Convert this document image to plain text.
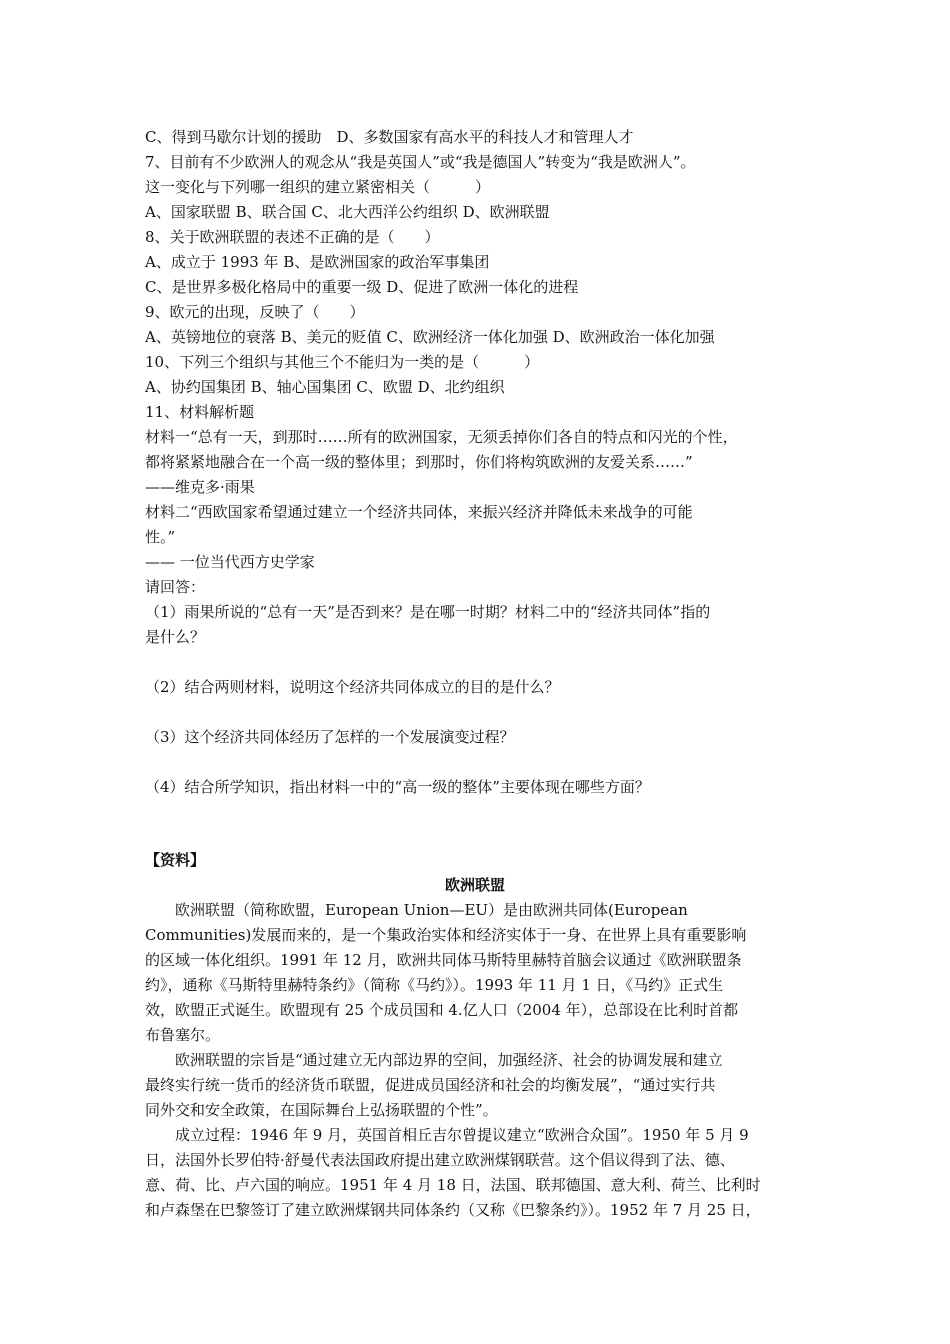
C、得到马歇尔计划的援助　D、多数国家有高水平的科技人才和管理人才
7、目前有不少欧洲人的观念从“我是英国人”或“我是德国人”转变为“我是欧洲人”。
这一变化与下列哪一组织的建立紧密相关（　　　）
A、国家联盟 B、联合国 C、北大西洋公约组织 D、欧洲联盟
8、关于欧洲联盟的表述不正确的是（　　）
A、成立于 1993 年 B、是欧洲国家的政治军事集团
C、是世界多极化格局中的重要一级 D、促进了欧洲一体化的进程
9、欧元的出现，反映了（　　）
A、英镑地位的衰落 B、美元的贬值 C、欧洲经济一体化加强 D、欧洲政治一体化加强
10、下列三个组织与其他三个不能归为一类的是（　　　）
A、协约国集团 B、轴心国集团 C、欧盟 D、北约组织
11、材料解析题
材料一“总有一天，到那时……所有的欧洲国家，无须丢掉你们各自的特点和闪光的个性，
都将紧紧地融合在一个高一级的整体里；到那时，你们将构筑欧洲的友爱关系……”
——维克多·雨果
材料二“西欧国家希望通过建立一个经济共同体，来振兴经济并降低未来战争的可能
性。”
—— 一位当代西方史学家
请回答：
（1）雨果所说的“总有一天”是否到来？是在哪一时期？材料二中的“经济共同体”指的
是什么？
（2）结合两则材料，说明这个经济共同体成立的目的是什么？
（3）这个经济共同体经历了怎样的一个发展演变过程？
（4）结合所学知识，指出材料一中的“高一级的整体”主要体现在哪些方面？
【资料】
欧洲联盟
　　欧洲联盟（简称欧盟，European Union—EU）是由欧洲共同体(European
Communities)发展而来的，是一个集政治实体和经济实体于一身、在世界上具有重要影响
的区域一体化组织。1991 年 12 月，欧洲共同体马斯特里赫特首脑会议通过《欧洲联盟条
约》，通称《马斯特里赫特条约》（简称《马约》）。1993 年 11 月 1 日，《马约》正式生
效，欧盟正式诞生。欧盟现有 25 个成员国和 4.亿人口（2004 年），总部设在比利时首都
布鲁塞尔。
　　欧洲联盟的宗旨是“通过建立无内部边界的空间，加强经济、社会的协调发展和建立
最终实行统一货币的经济货币联盟，促进成员国经济和社会的均衡发展”，“通过实行共
同外交和安全政策，在国际舞台上弘扬联盟的个性”。
　　成立过程：1946 年 9 月，英国首相丘吉尔曾提议建立“欧洲合众国”。1950 年 5 月 9
日，法国外长罗伯特·舒曼代表法国政府提出建立欧洲煤钢联营。这个倡议得到了法、德、
意、荷、比、卢六国的响应。1951 年 4 月 18 日，法国、联邦德国、意大利、荷兰、比利时
和卢森堡在巴黎签订了建立欧洲煤钢共同体条约（又称《巴黎条约》）。1952 年 7 月 25 日，
